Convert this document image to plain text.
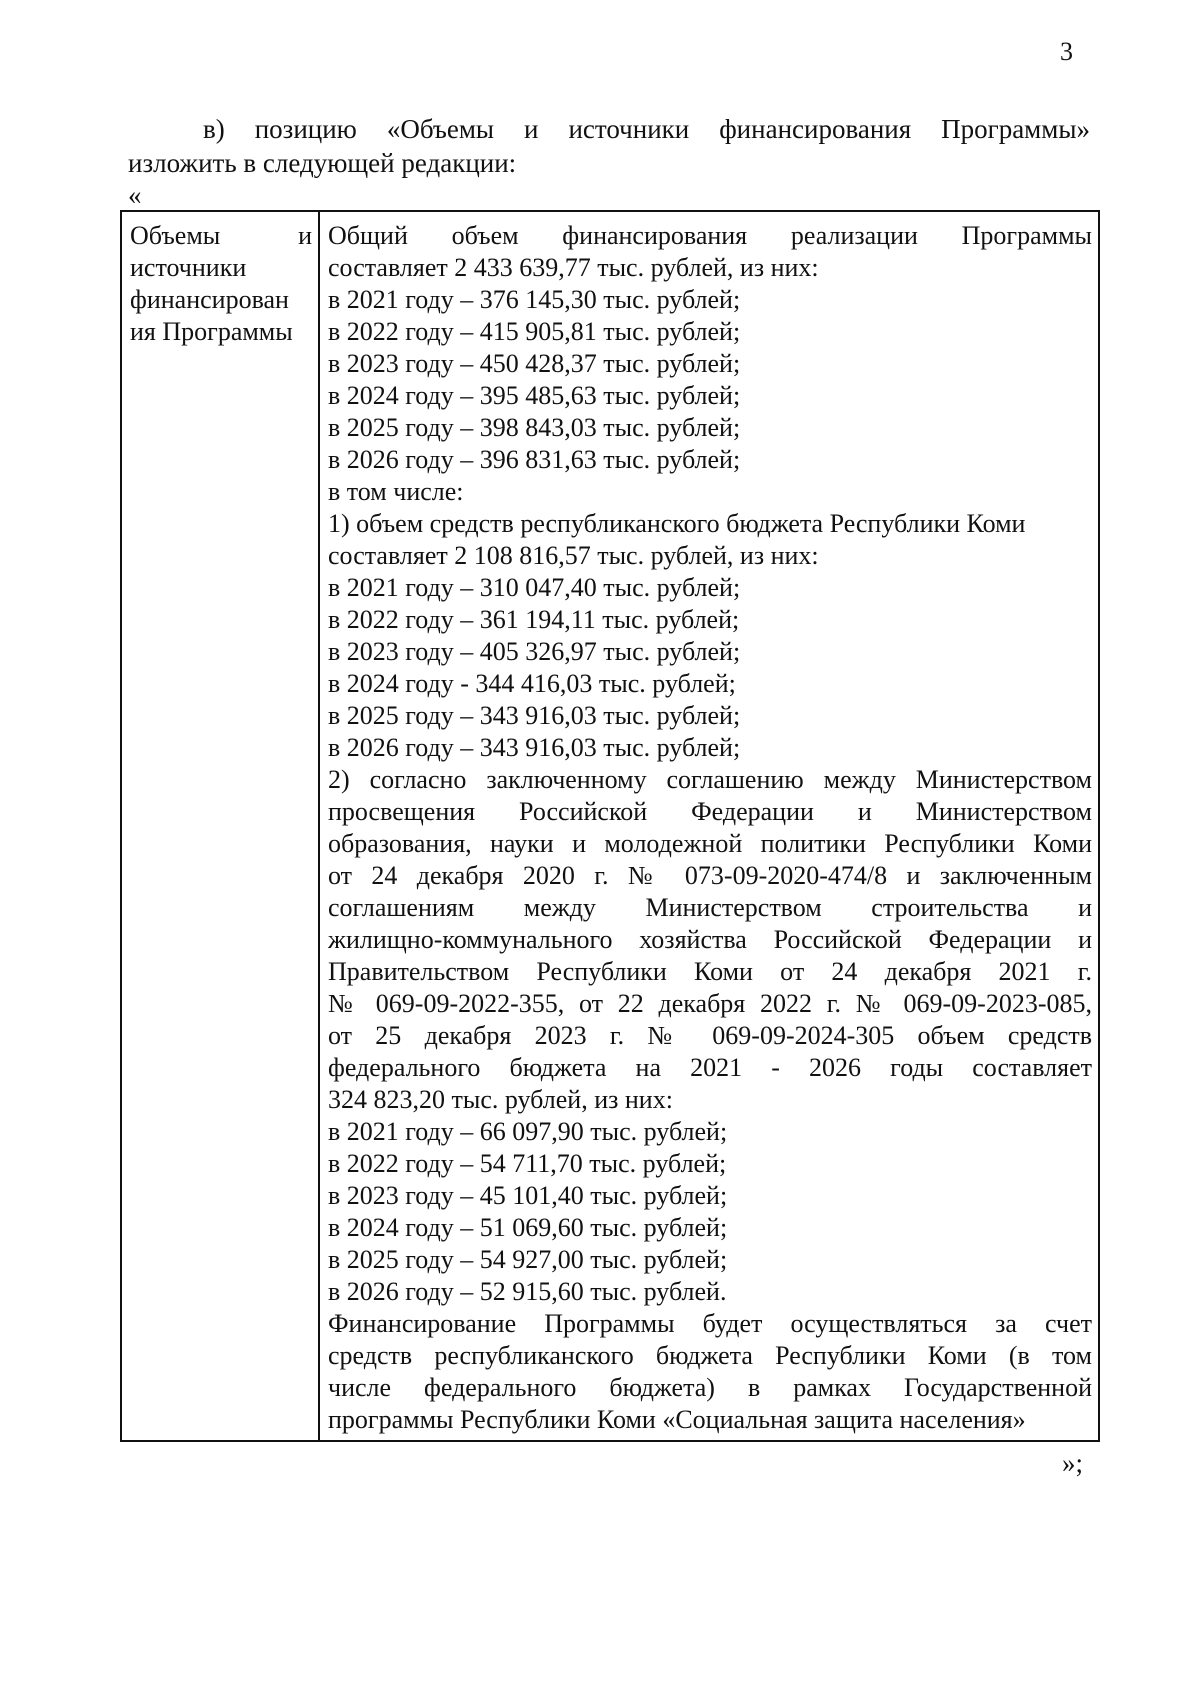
3
в) позицию «Объемы и источники финансирования Программы»
изложить в следующей редакции:
«
Объемы и
источники
финансирован
ия Программы
Общий объем финансирования реализации Программы
составляет 2 433 639,77 тыс. рублей, из них:
в 2021 году – 376 145,30 тыс. рублей;
в 2022 году – 415 905,81 тыс. рублей;
в 2023 году – 450 428,37 тыс. рублей;
в 2024 году – 395 485,63 тыс. рублей;
в 2025 году – 398 843,03 тыс. рублей;
в 2026 году – 396 831,63 тыс. рублей;
в том числе:
1) объем средств республиканского бюджета Республики Коми
составляет 2 108 816,57 тыс. рублей, из них:
в 2021 году – 310 047,40 тыс. рублей;
в 2022 году – 361 194,11 тыс. рублей;
в 2023 году – 405 326,97 тыс. рублей;
в 2024 году - 344 416,03 тыс. рублей;
в 2025 году – 343 916,03 тыс. рублей;
в 2026 году – 343 916,03 тыс. рублей;
2) согласно заключенному соглашению между Министерством
просвещения Российской Федерации и Министерством
образования, науки и молодежной политики Республики Коми
от 24 декабря 2020 г. № 073-09-2020-474/8 и заключенным
соглашениям между Министерством строительства и
жилищно-коммунального хозяйства Российской Федерации и
Правительством Республики Коми от 24 декабря 2021 г.
№ 069-09-2022-355, от 22 декабря 2022 г. № 069-09-2023-085,
от 25 декабря 2023 г. № 069-09-2024-305 объем средств
федерального бюджета на 2021 - 2026 годы составляет
324 823,20 тыс. рублей, из них:
в 2021 году – 66 097,90 тыс. рублей;
в 2022 году – 54 711,70 тыс. рублей;
в 2023 году – 45 101,40 тыс. рублей;
в 2024 году – 51 069,60 тыс. рублей;
в 2025 году – 54 927,00 тыс. рублей;
в 2026 году – 52 915,60 тыс. рублей.
Финансирование Программы будет осуществляться за счет
средств республиканского бюджета Республики Коми (в том
числе федерального бюджета) в рамках Государственной
программы Республики Коми «Социальная защита населения»
»;
